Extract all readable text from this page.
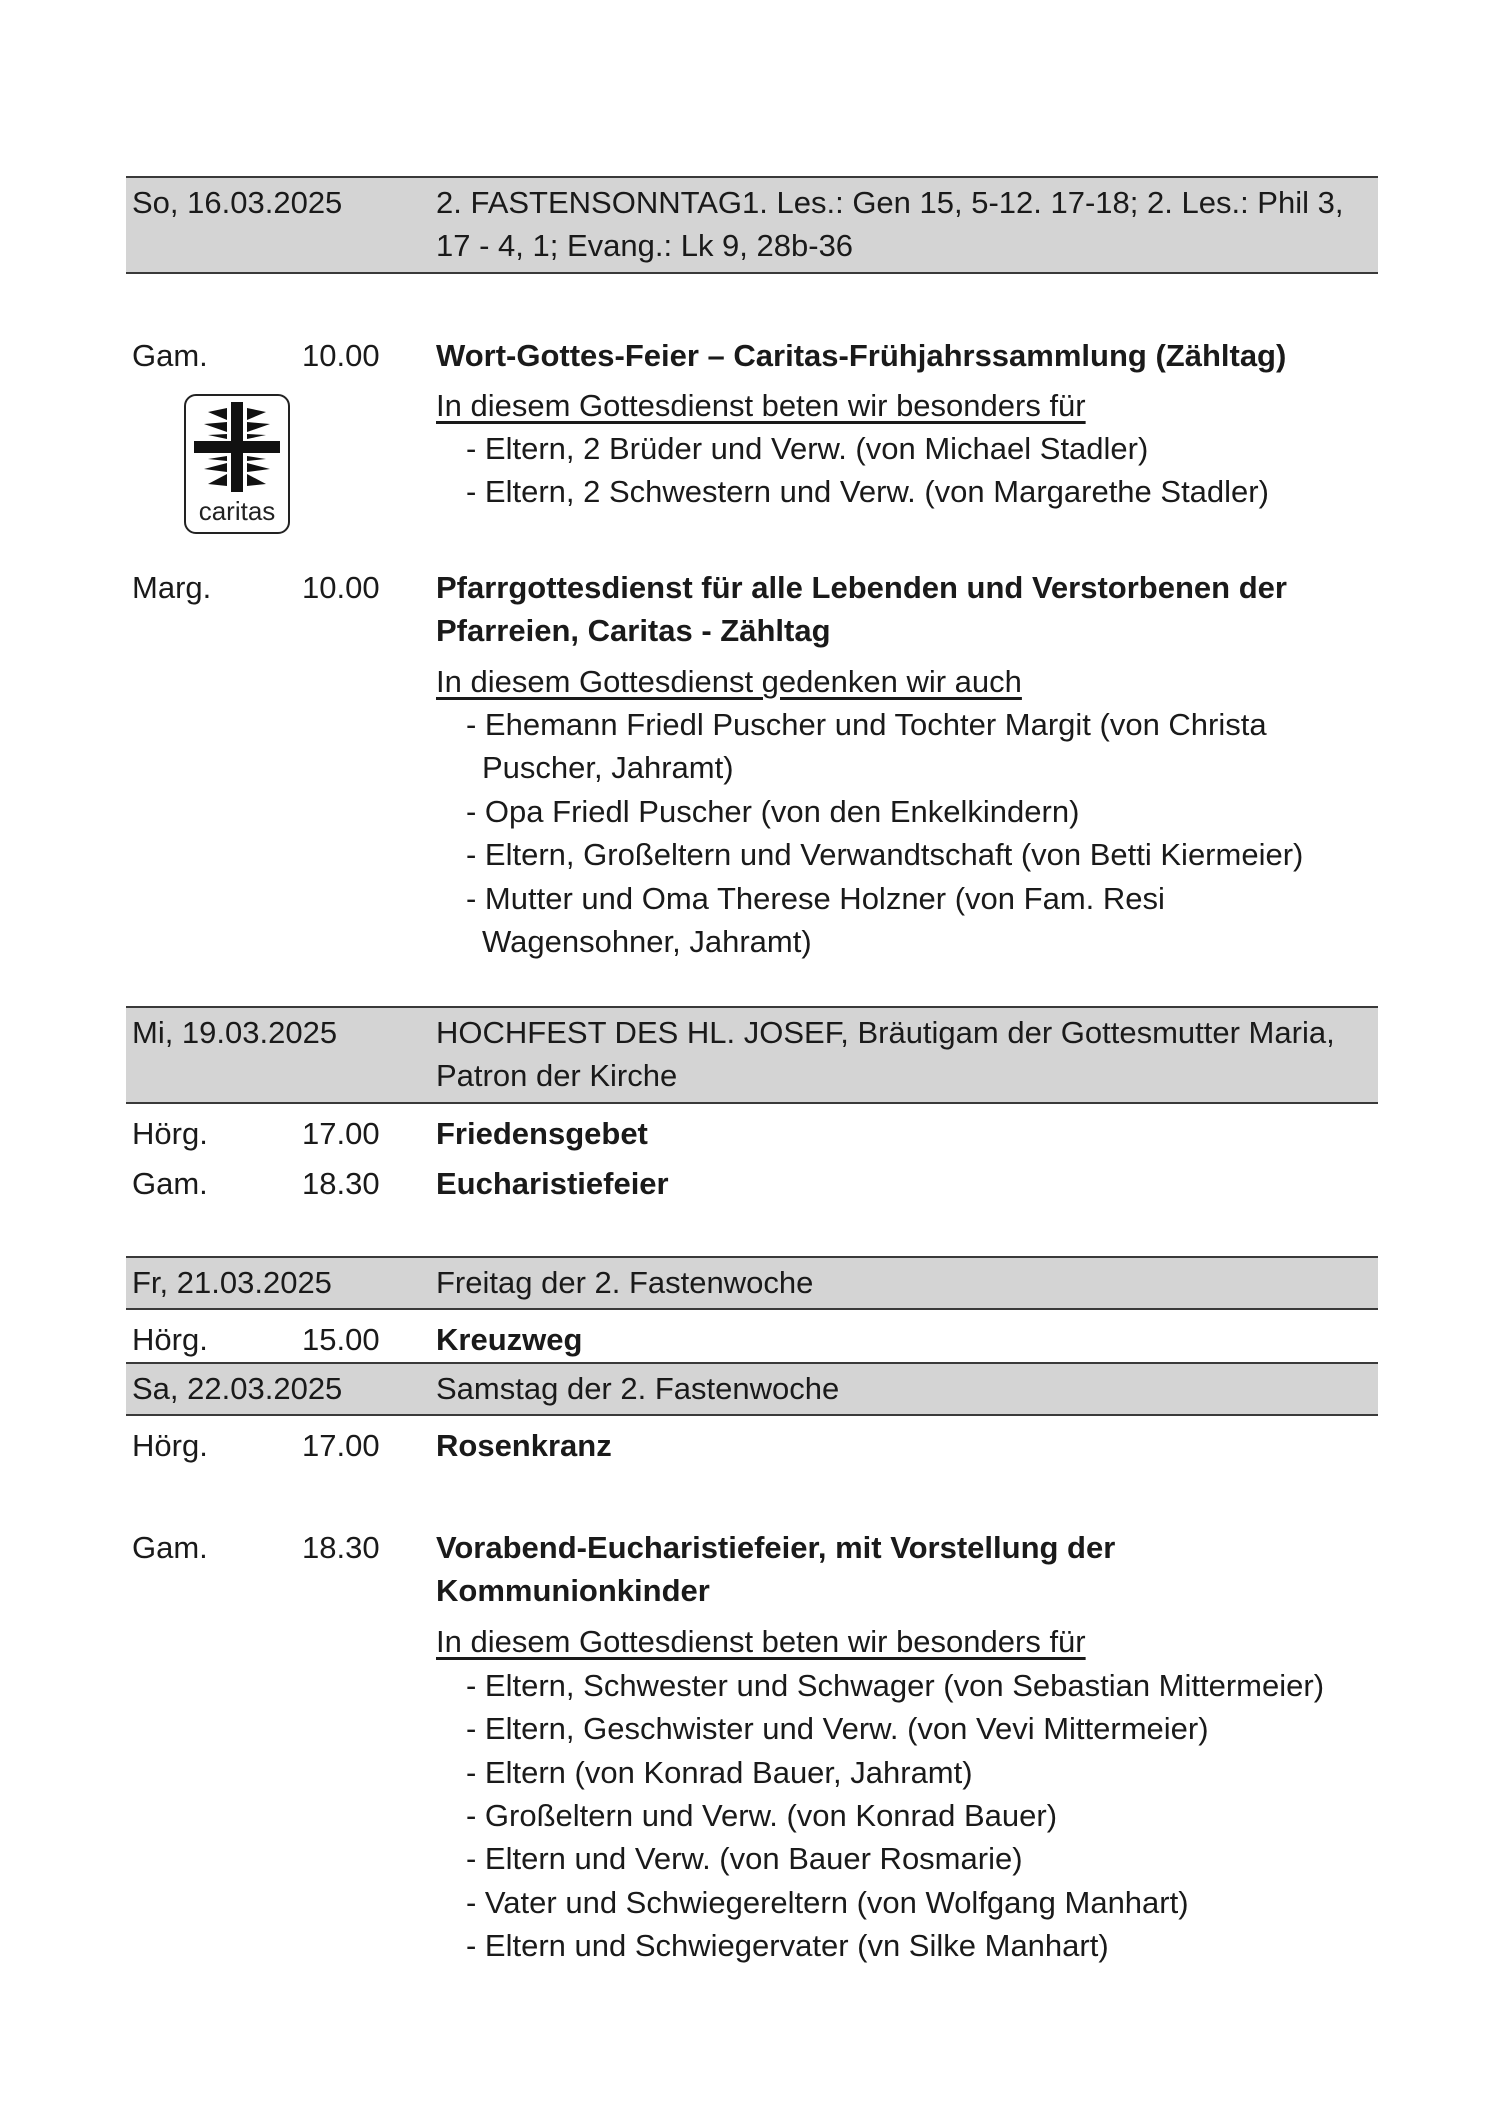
So, 16.03.2025	2. FASTENSONNTAG1. Les.: Gen 15, 5-12. 17-18; 2. Les.: Phil 3, 17 - 4, 1; Evang.: Lk 9, 28b-36
Gam.	10.00 Wort-Gottes-Feier – Caritas-Frühjahrssammlung (Zähltag)
In diesem Gottesdienst beten wir besonders für
- Eltern, 2 Brüder und Verw. (von Michael Stadler)
- Eltern, 2 Schwestern und Verw. (von Margarethe Stadler)
caritas
Marg.	10.00 Pfarrgottesdienst für alle Lebenden und Verstorbenen der
Pfarreien, Caritas - Zähltag
In diesem Gottesdienst gedenken wir auch
- Ehemann Friedl Puscher und Tochter Margit (von Christa
Puscher, Jahramt)
- Opa Friedl Puscher (von den Enkelkindern)
- Eltern, Großeltern und Verwandtschaft (von Betti Kiermeier)
- Mutter und Oma Therese Holzner (von Fam. Resi
Wagensohner, Jahramt)
Mi, 19.03.2025	HOCHFEST DES HL. JOSEF, Bräutigam der Gottesmutter Maria, Patron der Kirche
Hörg.	17.00 Friedensgebet
Gam.	18.30 Eucharistiefeier
Fr, 21.03.2025	Freitag der 2. Fastenwoche
Hörg.	15.00 Kreuzweg
Sa, 22.03.2025	Samstag der 2. Fastenwoche
Hörg.	17.00 Rosenkranz
Gam.	18.30 Vorabend-Eucharistiefeier, mit Vorstellung der
Kommunionkinder
In diesem Gottesdienst beten wir besonders für
- Eltern, Schwester und Schwager (von Sebastian Mittermeier)
- Eltern, Geschwister und Verw. (von Vevi Mittermeier)
- Eltern (von Konrad Bauer, Jahramt)
- Großeltern und Verw. (von Konrad Bauer)
- Eltern und Verw. (von Bauer Rosmarie)
- Vater und Schwiegereltern (von Wolfgang Manhart)
- Eltern und Schwiegervater (vn Silke Manhart)
